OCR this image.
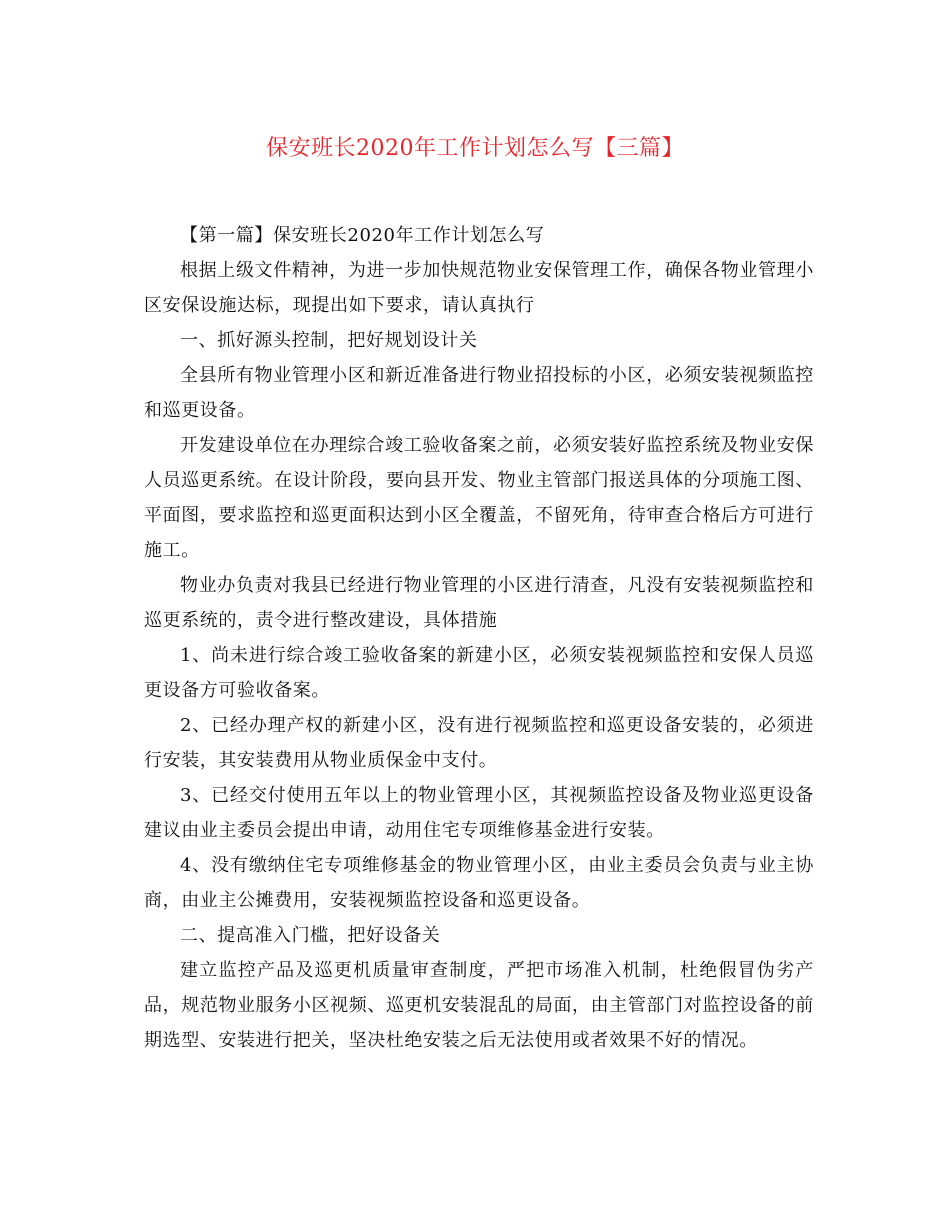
保安班长2020年工作计划怎么写【三篇】

【第一篇】保安班长2020年工作计划怎么写

根据上级文件精神，为进一步加快规范物业安保管理工作，确保各物业管理小区安保设施达标，现提出如下要求，请认真执行

一、抓好源头控制，把好规划设计关

全县所有物业管理小区和新近准备进行物业招投标的小区，必须安装视频监控和巡更设备。

开发建设单位在办理综合竣工验收备案之前，必须安装好监控系统及物业安保人员巡更系统。在设计阶段，要向县开发、物业主管部门报送具体的分项施工图、平面图，要求监控和巡更面积达到小区全覆盖，不留死角，待审查合格后方可进行施工。

物业办负责对我县已经进行物业管理的小区进行清查，凡没有安装视频监控和巡更系统的，责令进行整改建设，具体措施

1、尚未进行综合竣工验收备案的新建小区，必须安装视频监控和安保人员巡更设备方可验收备案。

2、已经办理产权的新建小区，没有进行视频监控和巡更设备安装的，必须进行安装，其安装费用从物业质保金中支付。

3、已经交付使用五年以上的物业管理小区，其视频监控设备及物业巡更设备建议由业主委员会提出申请，动用住宅专项维修基金进行安装。

4、没有缴纳住宅专项维修基金的物业管理小区，由业主委员会负责与业主协商，由业主公摊费用，安装视频监控设备和巡更设备。

二、提高准入门槛，把好设备关

建立监控产品及巡更机质量审查制度，严把市场准入机制，杜绝假冒伪劣产品，规范物业服务小区视频、巡更机安装混乱的局面，由主管部门对监控设备的前期选型、安装进行把关，坚决杜绝安装之后无法使用或者效果不好的情况。
